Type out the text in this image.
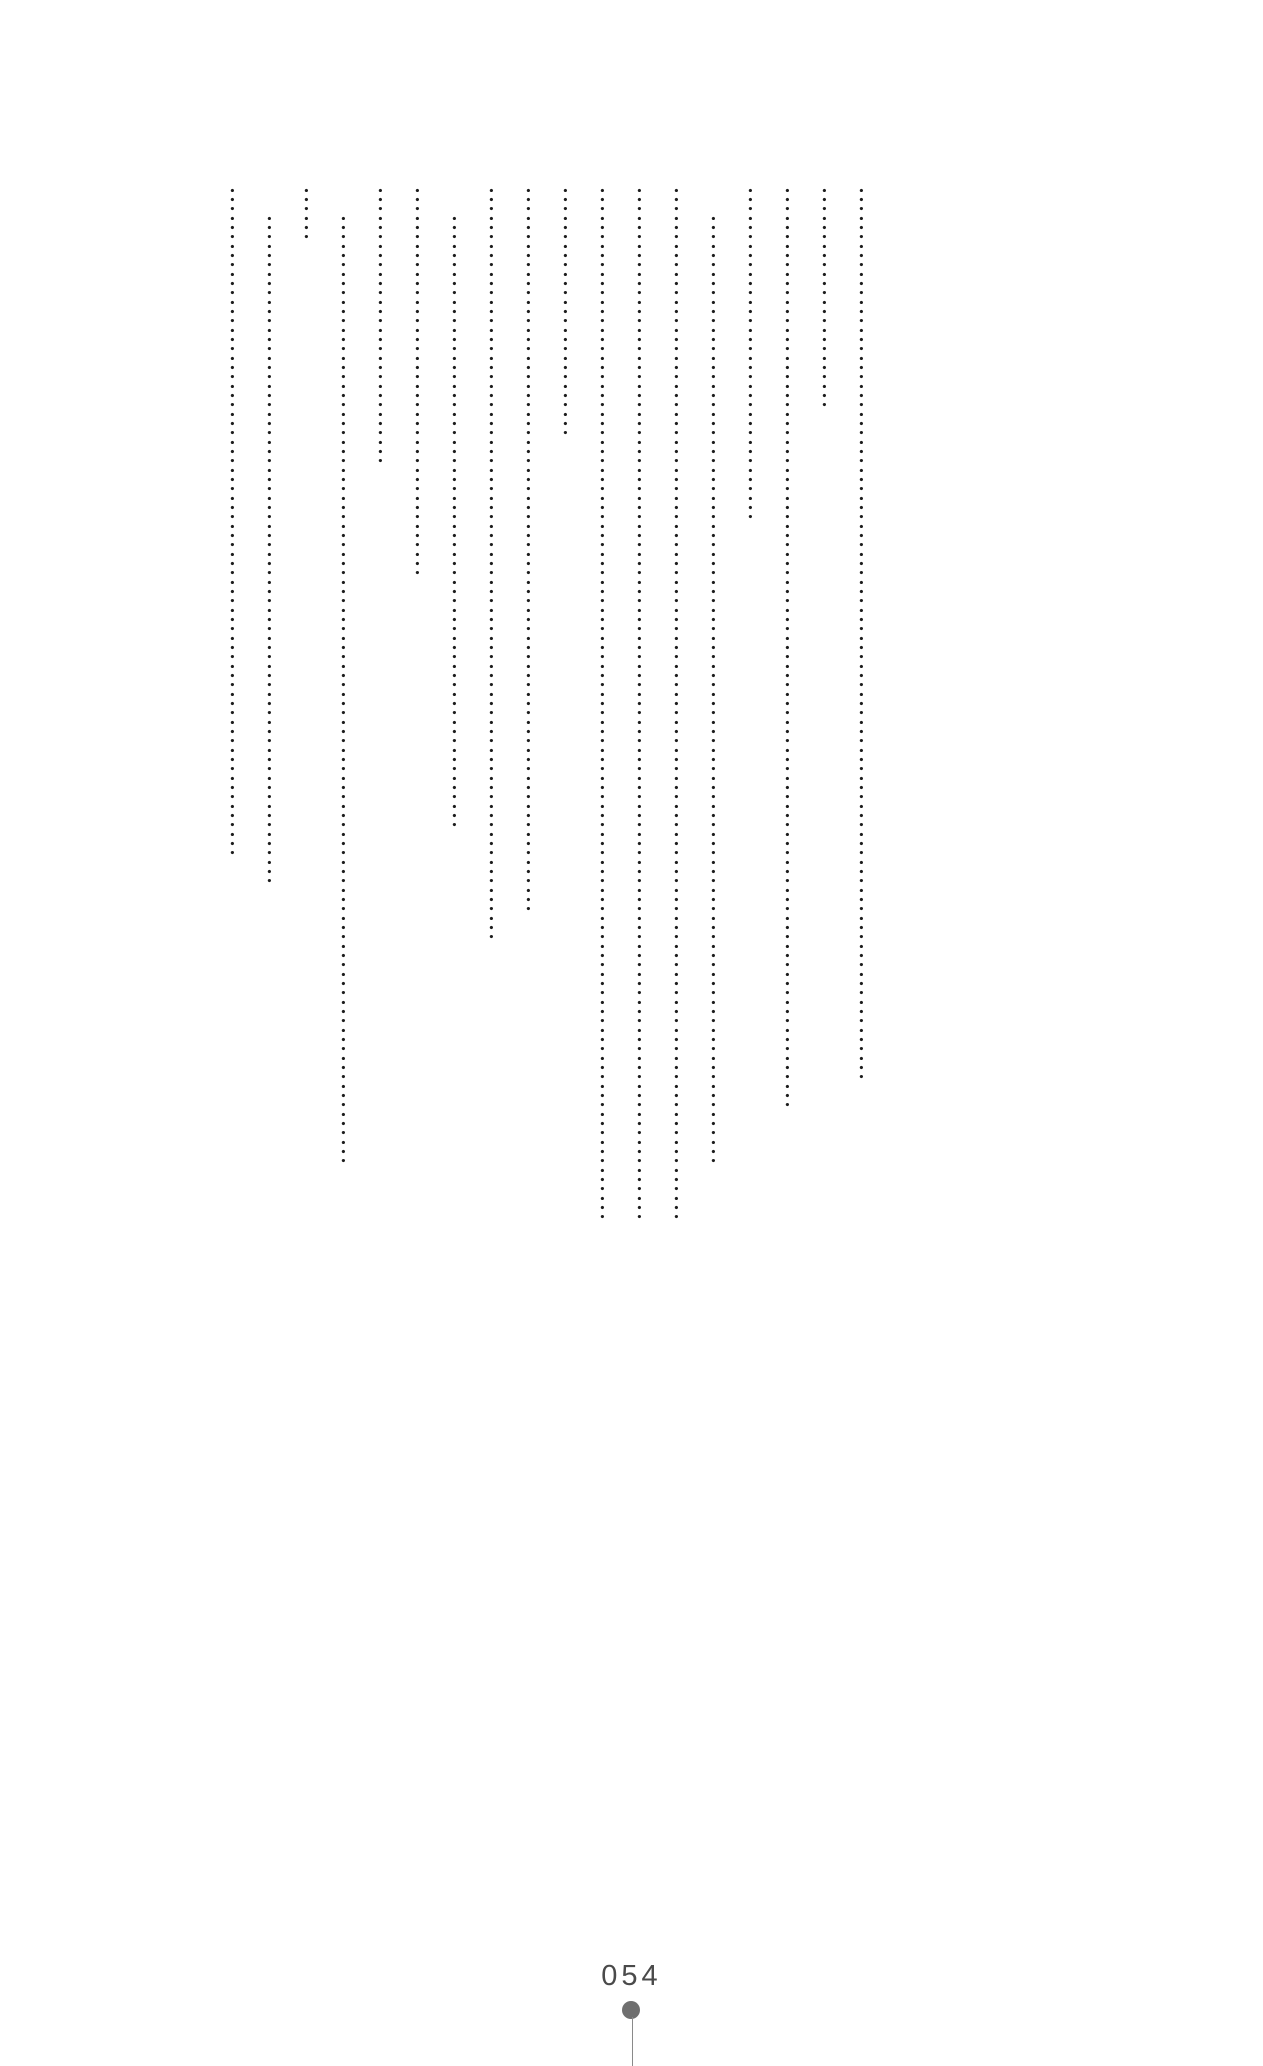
……………………………………………………………………………………

……………………

………………………………………………………………………………………

………………………………

　…………………………………………………………………………………………

…………………………………………………………………………………………………

…………………………………………………………………………………………………

…………………………………………………………………………………………………

………………………

……………………………………………………………………

………………………………………………………………………

　…………………………………………………………

……………………………………

…………………………

　…………………………………………………………………………………………

……

　………………………………………………………………

………………………………………………………………

054
